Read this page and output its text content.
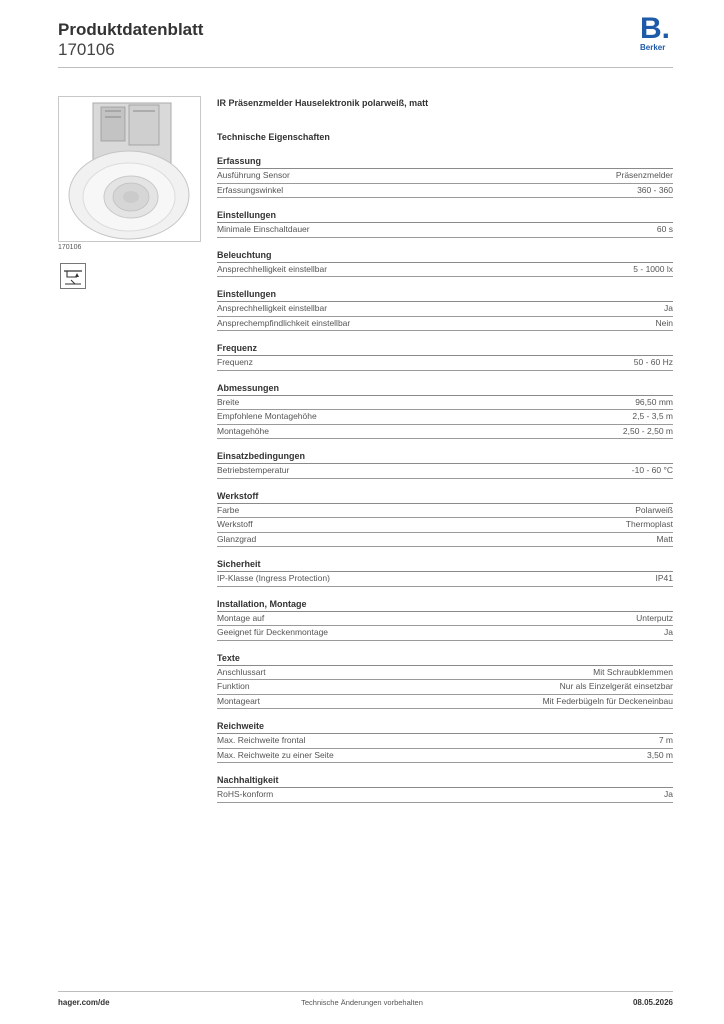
Produktdatenblatt
170106
B.
Berker
170106
IR Präsenzmelder Hauselektronik polarweiß, matt
Technische Eigenschaften
Erfassung
Ausführung Sensor	Präsenzmelder
Erfassungswinkel	360 - 360
Einstellungen
Minimale Einschaltdauer	60 s
Beleuchtung
Ansprechhelligkeit einstellbar	5 - 1000 lx
Einstellungen
Ansprechhelligkeit einstellbar	Ja
Ansprechempfindlichkeit einstellbar	Nein
Frequenz
Frequenz	50 - 60 Hz
Abmessungen
Breite	96,50 mm
Empfohlene Montagehöhe	2,5 - 3,5 m
Montagehöhe	2,50 - 2,50 m
Einsatzbedingungen
Betriebstemperatur	-10 - 60 °C
Werkstoff
Farbe	Polarweiß
Werkstoff	Thermoplast
Glanzgrad	Matt
Sicherheit
IP-Klasse (Ingress Protection)	IP41
Installation, Montage
Montage auf	Unterputz
Geeignet für Deckenmontage	Ja
Texte
Anschlussart	Mit Schraubklemmen
Funktion	Nur als Einzelgerät einsetzbar
Montageart	Mit Federbügeln für Deckeneinbau
Reichweite
Max. Reichweite frontal	7 m
Max. Reichweite zu einer Seite	3,50 m
Nachhaltigkeit
RoHS-konform	Ja
hager.com/de	Technische Änderungen vorbehalten	08.05.2026
